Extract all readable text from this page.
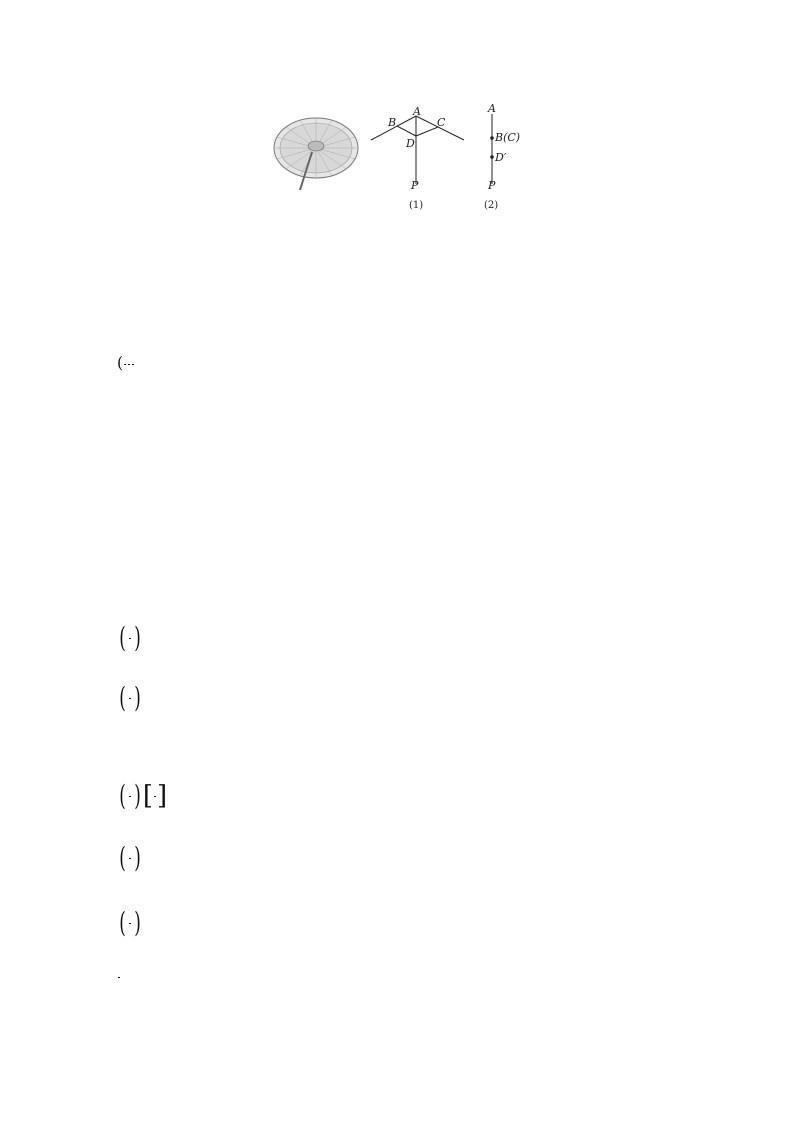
A
B	C
D
P
(1)
A
B(C)
D′
P
(2)
(
( )
( )
( )[ ]
( )
( )
